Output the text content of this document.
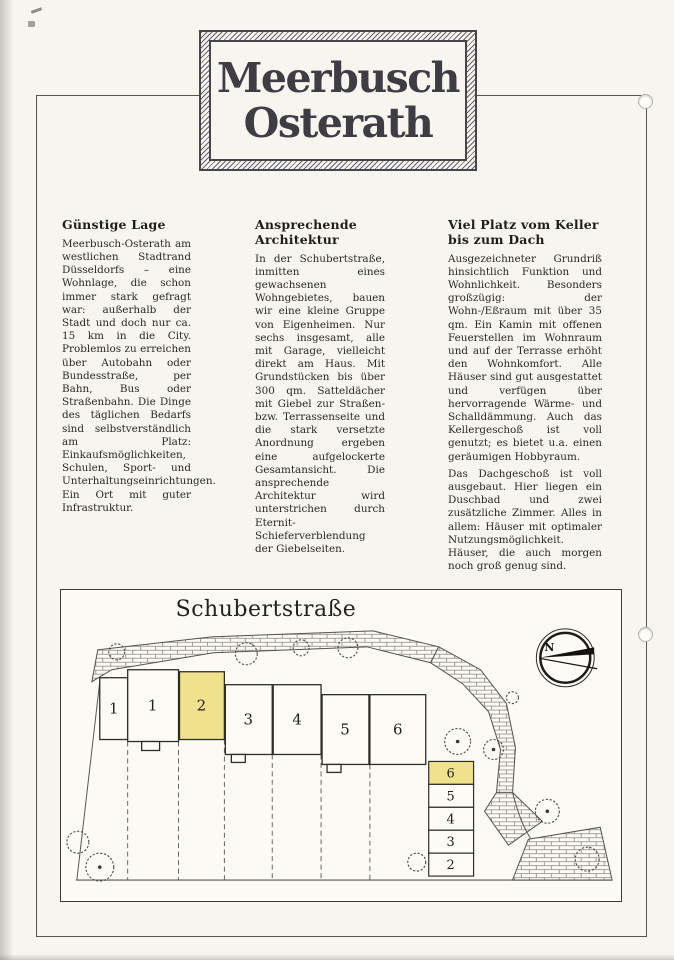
Meerbusch
Osterath
Günstige Lage

Meerbusch-Osterath am westlichen Stadtrand Düsseldorfs – eine Wohnlage, die schon immer stark gefragt war: außerhalb der Stadt und doch nur ca. 15 km in die City. Problemlos zu erreichen über Autobahn oder Bundesstraße, per Bahn, Bus oder Straßenbahn. Die Dinge des täglichen Bedarfs sind selbstverständlich am Platz: Einkaufsmöglichkeiten, Schulen, Sport- und Unterhaltungseinrichtungen. Ein Ort mit guter Infrastruktur.

Ansprechende Architektur

In der Schubertstraße, inmitten eines gewachsenen Wohngebietes, bauen wir eine kleine Gruppe von Eigenheimen. Nur sechs insgesamt, alle mit Garage, vielleicht direkt am Haus. Mit Grundstücken bis über 300 qm. Satteldächer mit Giebel zur Straßen- bzw. Terrassenseite und die stark versetzte Anordnung ergeben eine aufgelockerte Gesamtansicht. Die ansprechende Architektur wird unterstrichen durch Eternit-Schieferverblendung der Giebelseiten.

Viel Platz vom Keller bis zum Dach

Ausgezeichneter Grundriß hinsichtlich Funktion und Wohnlichkeit. Besonders großzügig: der Wohn-/Eßraum mit über 35 qm. Ein Kamin mit offenen Feuerstellen im Wohnraum und auf der Terrasse erhöht den Wohnkomfort. Alle Häuser sind gut ausgestattet und verfügen über hervorragende Wärme- und Schalldämmung. Auch das Kellergeschoß ist voll genutzt; es bietet u.a. einen geräumigen Hobbyraum.

Das Dachgeschoß ist voll ausgebaut. Hier liegen ein Duschbad und zwei zusätzliche Zimmer. Alles in allem: Häuser mit optimaler Nutzungsmöglichkeit. Häuser, die auch morgen noch groß genug sind.

Schubertstraße
1 1	2
3	4
5	6
6
5
4
3
2
N
